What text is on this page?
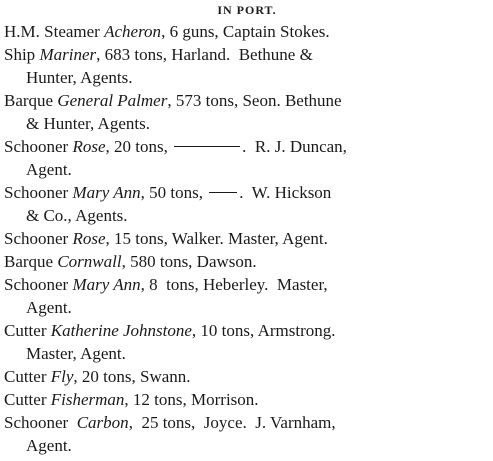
IN PORT.

H.M. Steamer Acheron, 6 guns, Captain Stokes.

Ship Mariner, 683 tons, Harland.  Bethune &
Hunter, Agents.

Barque General Palmer, 573 tons, Seon. Bethune
& Hunter, Agents.

Schooner Rose, 20 tons,	.  R. J. Duncan,
Agent.

Schooner Mary Ann, 50 tons, .  W. Hickson
& Co., Agents.

Schooner Rose, 15 tons, Walker. Master, Agent.

Barque Cornwall, 580 tons, Dawson.

Schooner Mary Ann, 8  tons, Heberley.  Master,
Agent.

Cutter Katherine Johnstone, 10 tons, Armstrong.
Master, Agent.

Cutter Fly, 20 tons, Swann.

Cutter Fisherman, 12 tons, Morrison.

Schooner  Carbon,  25 tons,  Joyce.  J. Varnham,
Agent.
